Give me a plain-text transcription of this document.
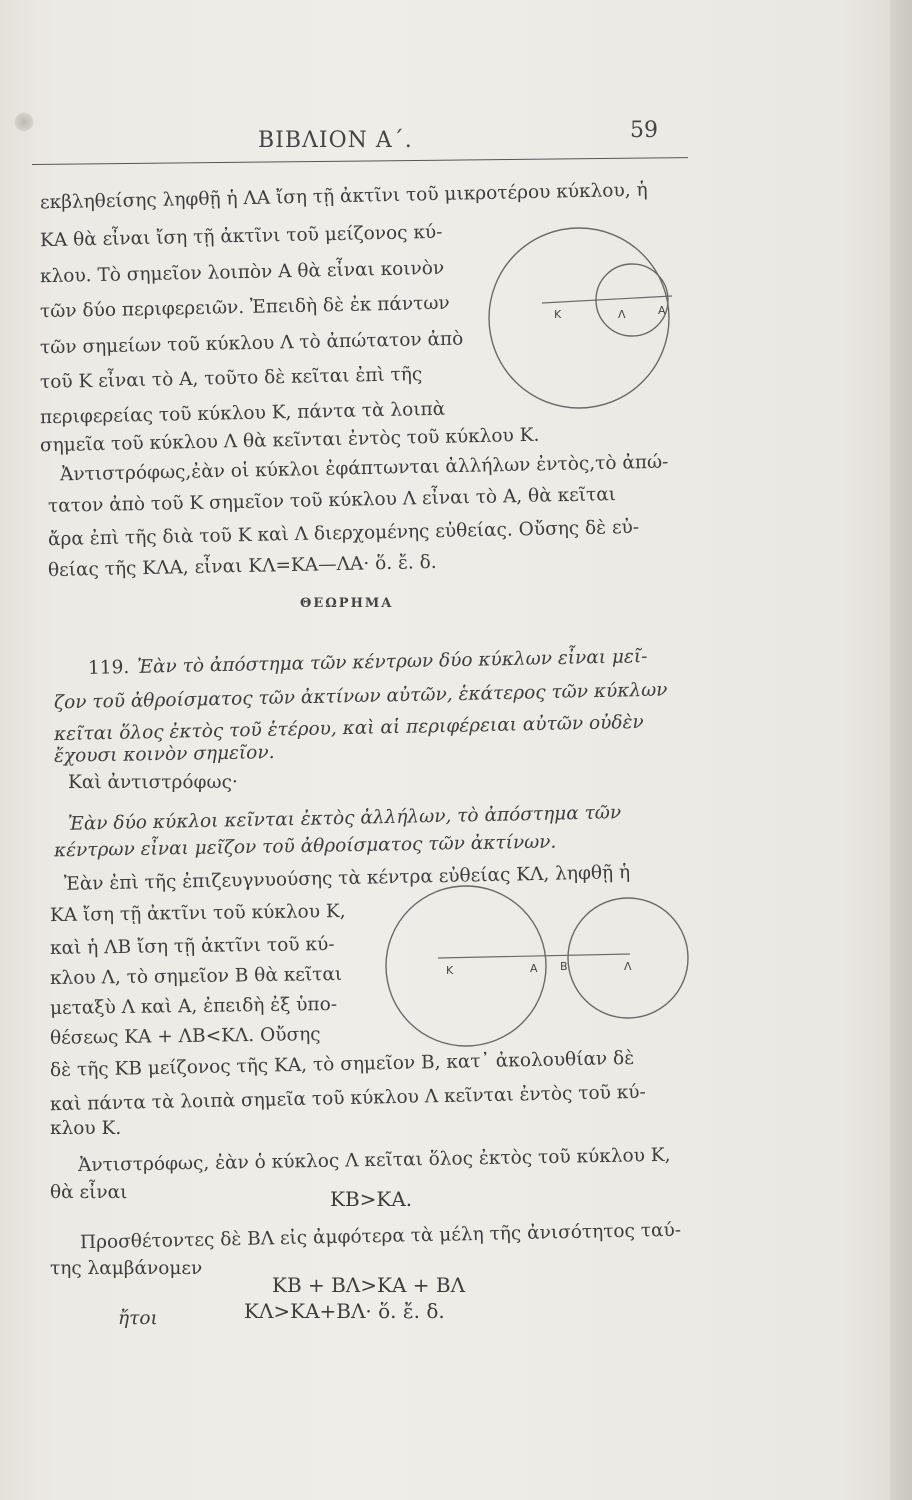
ΒΙΒΛΙΟΝ Α΄.	59
εκβληθείσης ληφθῇ ἡ ΛΑ ἴση τῇ ἀκτῖνι τοῦ μικροτέρου κύκλου, ἡ
ΚΑ θὰ εἶναι ἴση τῇ ἀκτῖνι τοῦ μείζονος κύ-
κλου. Τὸ σημεῖον λοιπὸν Α θὰ εἶναι κοινὸν
τῶν δύο περιφερειῶν. Ἐπειδὴ δὲ ἐκ πάντων
τῶν σημείων τοῦ κύκλου Λ τὸ ἀπώτατον ἀπὸ
τοῦ Κ εἶναι τὸ Α, τοῦτο δὲ κεῖται ἐπὶ τῆς
περιφερείας τοῦ κύκλου Κ, πάντα τὰ λοιπὰ
σημεῖα τοῦ κύκλου Λ θὰ κεῖνται ἐντὸς τοῦ κύκλου Κ.
Κ	Λ	Α
Ἀντιστρόφως,ἐὰν οἱ κύκλοι ἐφάπτωνται ἀλλήλων ἐντὸς,τὸ ἀπώ-
τατον ἀπὸ τοῦ Κ σημεῖον τοῦ κύκλου Λ εἶναι τὸ Α, θὰ κεῖται
ἄρα ἐπὶ τῆς διὰ τοῦ Κ καὶ Λ διερχομένης εὐθείας. Οὔσης δὲ εὐ-
θείας τῆς ΚΛΑ, εἶναι ΚΛ=ΚΑ—ΛΑ· ὅ. ἔ. δ.
ΘΕΩΡΗΜΑ
119. Ἐὰν τὸ ἀπόστημα τῶν κέντρων δύο κύκλων εἶναι μεῖ-
ζον τοῦ ἀθροίσματος τῶν ἀκτίνων αὐτῶν, ἑκάτερος τῶν κύκλων
κεῖται ὅλος ἐκτὸς τοῦ ἑτέρου, καὶ αἱ περιφέρειαι αὐτῶν οὐδὲν
ἔχουσι κοινὸν σημεῖον.
Καὶ ἀντιστρόφως·
Ἐὰν δύο κύκλοι κεῖνται ἐκτὸς ἀλλήλων, τὸ ἀπόστημα τῶν
κέντρων εἶναι μεῖζον τοῦ ἀθροίσματος τῶν ἀκτίνων.
Ἐὰν ἐπὶ τῆς ἐπιζευγνυούσης τὰ κέντρα εὐθείας ΚΛ, ληφθῇ ἡ
ΚΑ ἴση τῇ ἀκτῖνι τοῦ κύκλου Κ,
καὶ ἡ ΛΒ ἴση τῇ ἀκτῖνι τοῦ κύ-
κλου Λ, τὸ σημεῖον Β θὰ κεῖται
μεταξὺ Λ καὶ Α, ἐπειδὴ ἐξ ὑπο-
θέσεως ΚΑ + ΛΒ<ΚΛ. Οὔσης
δὲ τῆς ΚΒ μείζονος τῆς ΚΑ, τὸ σημεῖον Β, κατ᾿ ἀκολουθίαν δὲ
καὶ πάντα τὰ λοιπὰ σημεῖα τοῦ κύκλου Λ κεῖνται ἐντὸς τοῦ κύ-
κλου Κ.
Κ	Α Β	Λ
Ἀντιστρόφως, ἐὰν ὁ κύκλος Λ κεῖται ὅλος ἐκτὸς τοῦ κύκλου Κ,
θὰ εἶναι	ΚΒ>ΚΑ.
Προσθέτοντες δὲ ΒΛ εἰς ἀμφότερα τὰ μέλη τῆς ἀνισότητος ταύ-
της λαμβάνομεν
ΚΒ + ΒΛ>ΚΑ + ΒΛ
ἤτοι	ΚΛ>ΚΑ+ΒΛ· ὅ. ἔ. δ.
